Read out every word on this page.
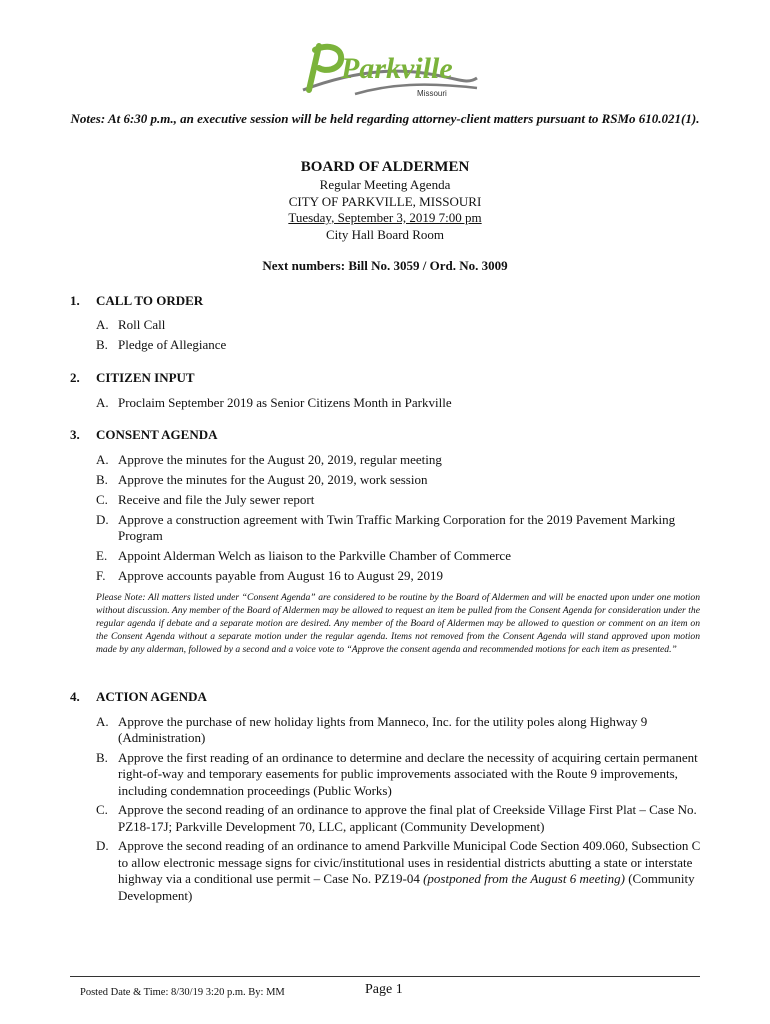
Parkville
Missouri
Notes: At 6:30 p.m., an executive session will be held regarding attorney-client matters pursuant to RSMo 610.021(1).
BOARD OF ALDERMEN
Regular Meeting Agenda
CITY OF PARKVILLE, MISSOURI
Tuesday, September 3, 2019 7:00 pm
City Hall Board Room
Next numbers: Bill No. 3059 / Ord. No. 3009
1.	CALL TO ORDER
A. Roll Call
B. Pledge of Allegiance
2.	CITIZEN INPUT
A. Proclaim September 2019 as Senior Citizens Month in Parkville
3.	CONSENT AGENDA
A. Approve the minutes for the August 20, 2019, regular meeting
B. Approve the minutes for the August 20, 2019, work session
C. Receive and file the July sewer report
D. Approve a construction agreement with Twin Traffic Marking Corporation for the 2019 Pavement Marking Program
E. Appoint Alderman Welch as liaison to the Parkville Chamber of Commerce
F. Approve accounts payable from August 16 to August 29, 2019
Please Note: All matters listed under “Consent Agenda” are considered to be routine by the Board of Aldermen and will be enacted upon under one motion without discussion. Any member of the Board of Aldermen may be allowed to request an item be pulled from the Consent Agenda for consideration under the regular agenda if debate and a separate motion are desired. Any member of the Board of Aldermen may be allowed to question or comment on an item on the Consent Agenda without a separate motion under the regular agenda. Items not removed from the Consent Agenda will stand approved upon motion made by any alderman, followed by a second and a voice vote to “Approve the consent agenda and recommended motions for each item as presented.”
4.	ACTION AGENDA
A. Approve the purchase of new holiday lights from Manneco, Inc. for the utility poles along Highway 9 (Administration)
B. Approve the first reading of an ordinance to determine and declare the necessity of acquiring certain permanent right-of-way and temporary easements for public improvements associated with the Route 9 improvements, including condemnation proceedings (Public Works)
C. Approve the second reading of an ordinance to approve the final plat of Creekside Village First Plat – Case No. PZ18-17J; Parkville Development 70, LLC, applicant (Community Development)
D. Approve the second reading of an ordinance to amend Parkville Municipal Code Section 409.060, Subsection C to allow electronic message signs for civic/institutional uses in residential districts abutting a state or interstate highway via a conditional use permit – Case No. PZ19-04 (postponed from the August 6 meeting) (Community Development)
Posted Date & Time: 8/30/19 3:20 p.m. By: MM	Page 1
